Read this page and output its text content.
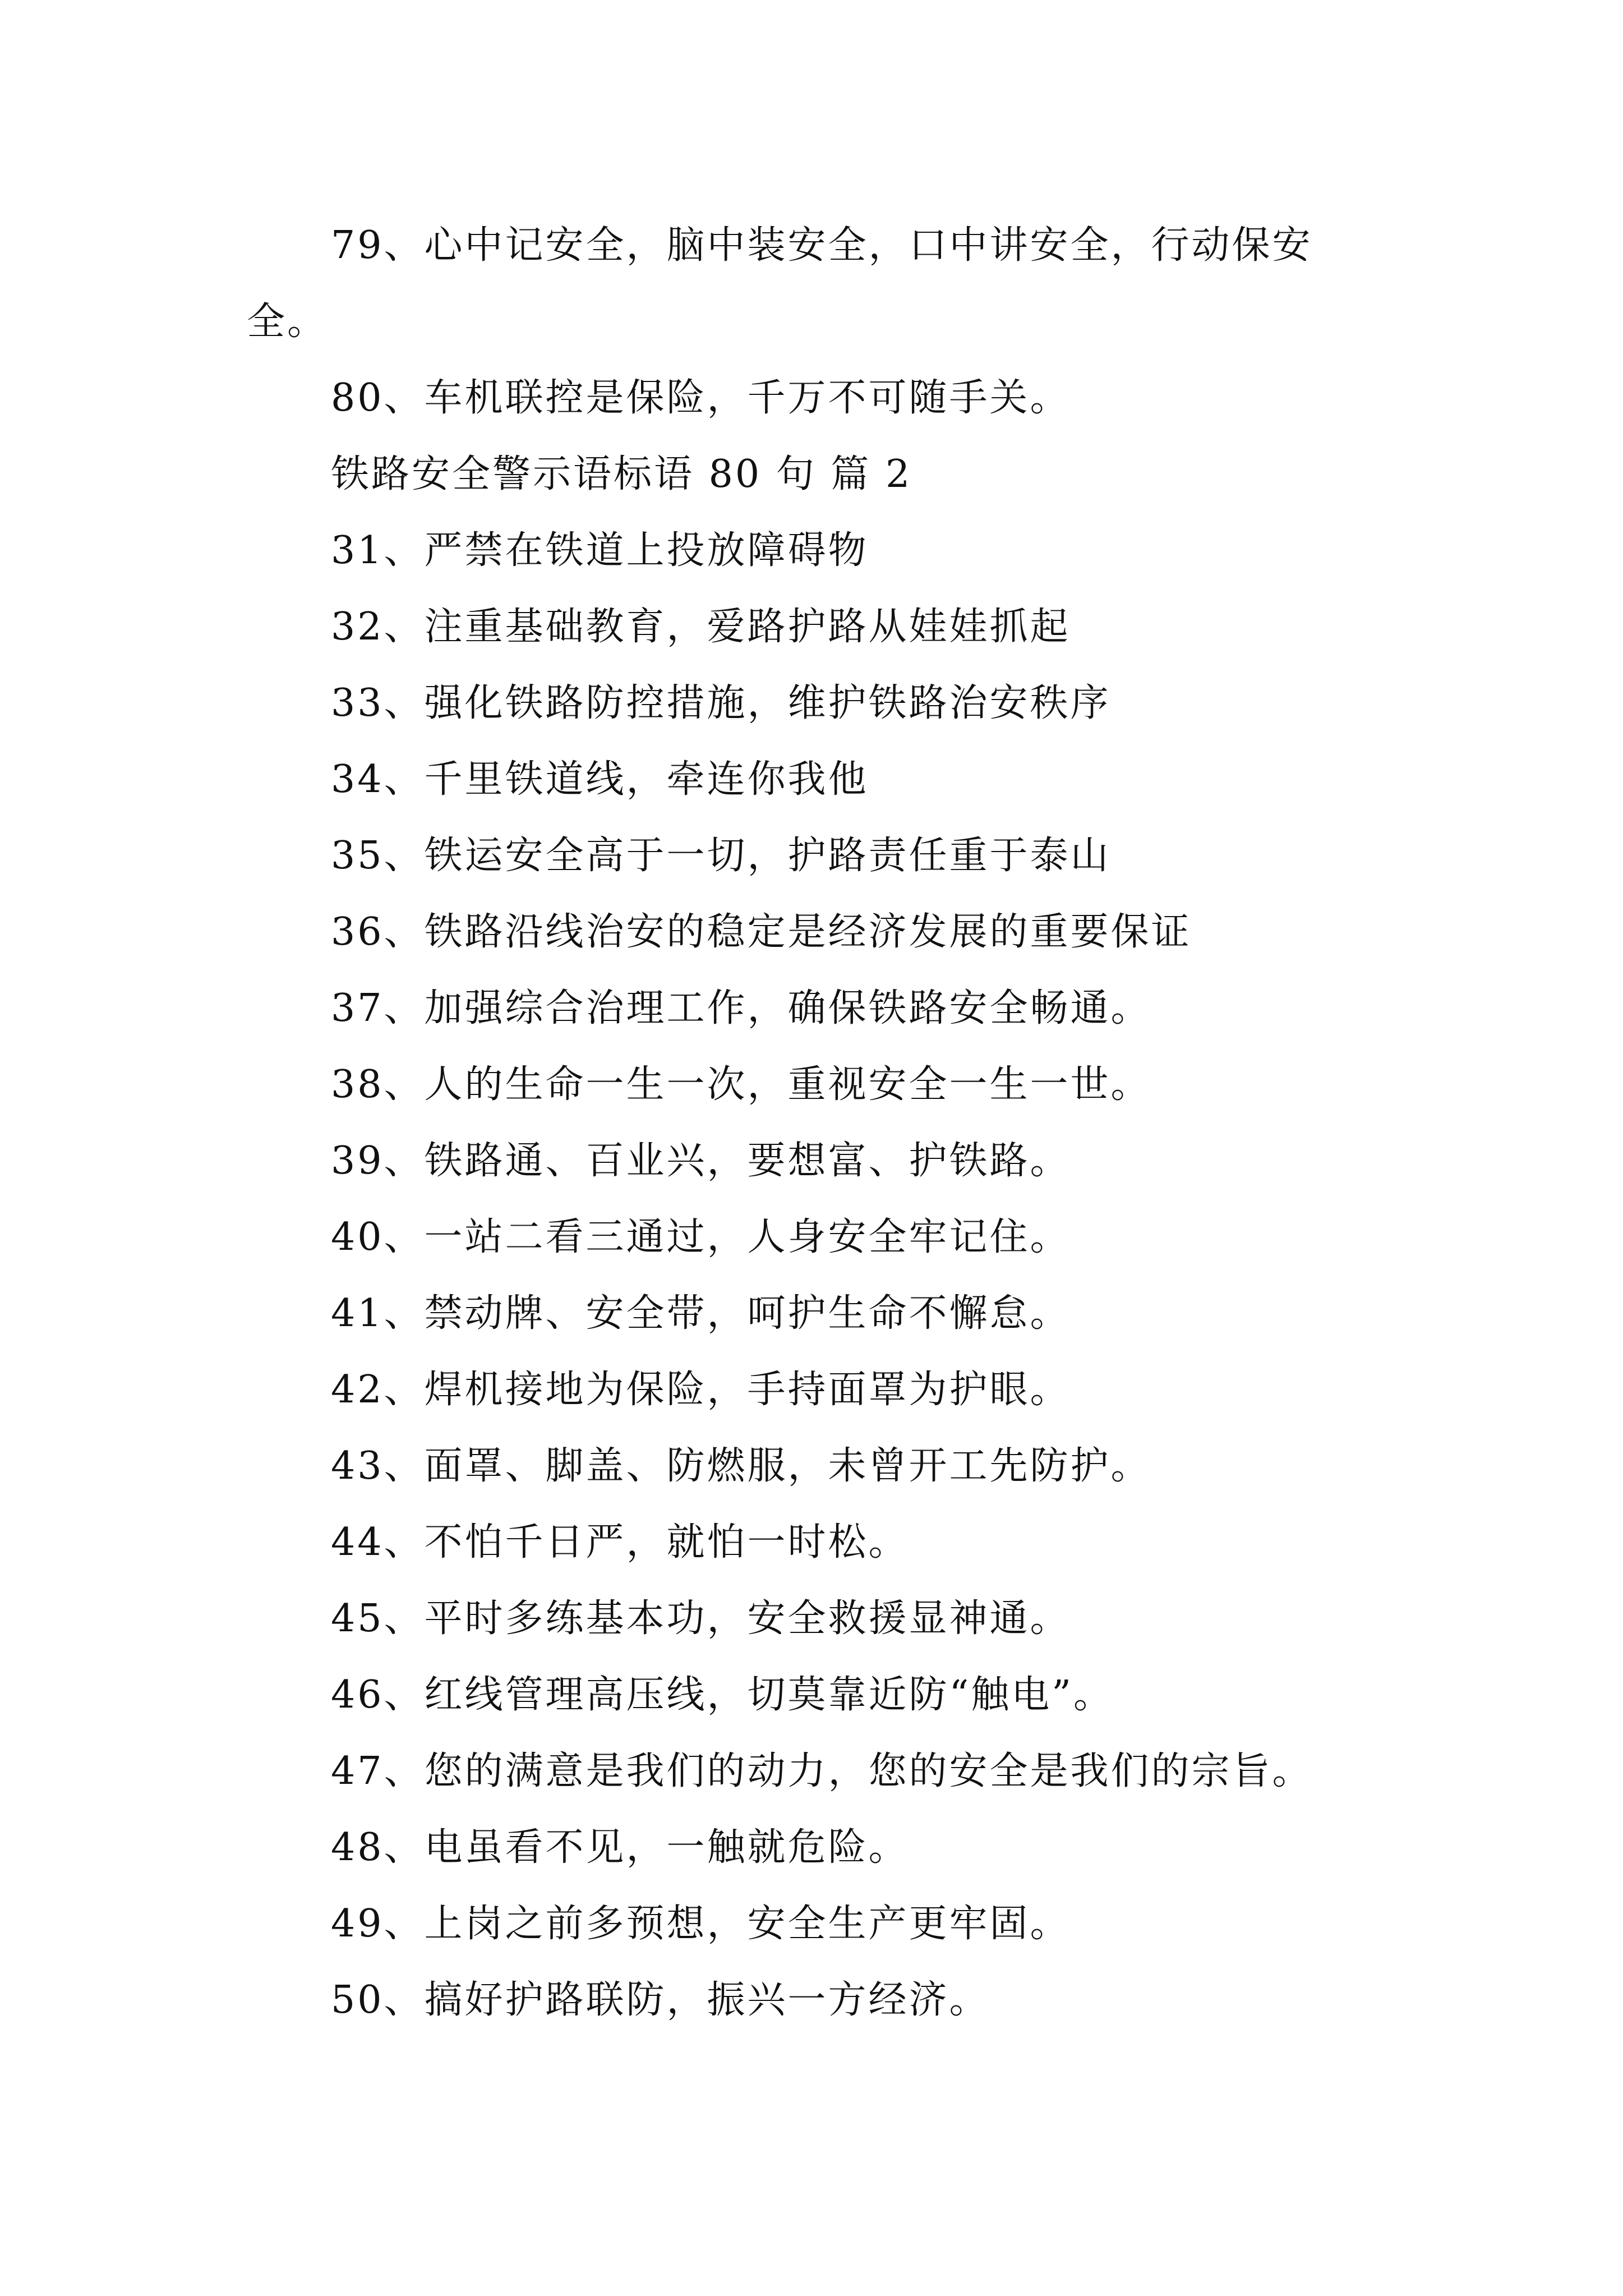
79、心中记安全，脑中装安全，口中讲安全，行动保安
全。
80、车机联控是保险，千万不可随手关。
铁路安全警示语标语 80 句 篇 2
31、严禁在铁道上投放障碍物
32、注重基础教育，爱路护路从娃娃抓起
33、强化铁路防控措施，维护铁路治安秩序
34、千里铁道线，牵连你我他
35、铁运安全高于一切，护路责任重于泰山
36、铁路沿线治安的稳定是经济发展的重要保证
37、加强综合治理工作，确保铁路安全畅通。
38、人的生命一生一次，重视安全一生一世。
39、铁路通、百业兴，要想富、护铁路。
40、一站二看三通过，人身安全牢记住。
41、禁动牌、安全带，呵护生命不懈怠。
42、焊机接地为保险，手持面罩为护眼。
43、面罩、脚盖、防燃服，未曾开工先防护。
44、不怕千日严，就怕一时松。
45、平时多练基本功，安全救援显神通。
46、红线管理高压线，切莫靠近防“触电”。
47、您的满意是我们的动力，您的安全是我们的宗旨。
48、电虽看不见，一触就危险。
49、上岗之前多预想，安全生产更牢固。
50、搞好护路联防，振兴一方经济。
